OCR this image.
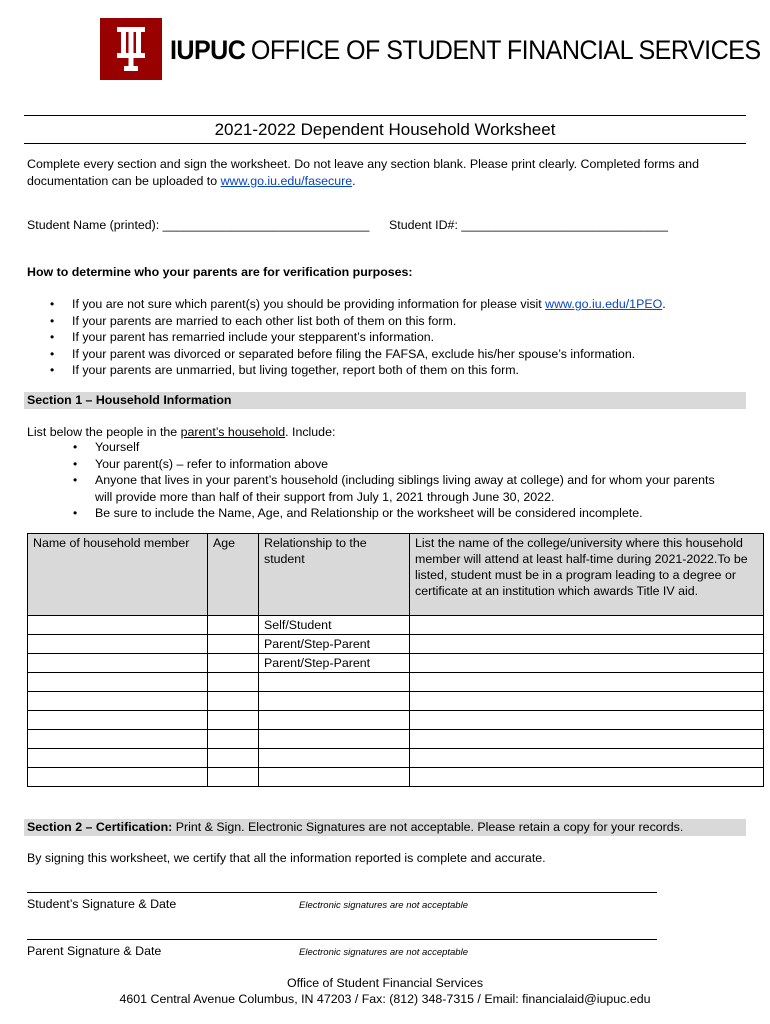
IUPUC OFFICE OF STUDENT FINANCIAL SERVICES
2021-2022 Dependent Household Worksheet
Complete every section and sign the worksheet. Do not leave any section blank. Please print clearly. Completed forms and documentation can be uploaded to www.go.iu.edu/fasecure.
Student Name (printed): ______________________________ Student ID#: ______________________________
How to determine who your parents are for verification purposes:
• If you are not sure which parent(s) you should be providing information for please visit www.go.iu.edu/1PEO.
• If your parents are married to each other list both of them on this form.
• If your parent has remarried include your stepparent’s information.
• If your parent was divorced or separated before filing the FAFSA, exclude his/her spouse’s information.
• If your parents are unmarried, but living together, report both of them on this form.
Section 1 – Household Information
List below the people in the parent’s household. Include:
• Yourself
• Your parent(s) – refer to information above
• Anyone that lives in your parent’s household (including siblings living away at college) and for whom your parents will provide more than half of their support from July 1, 2021 through June 30, 2022.
• Be sure to include the Name, Age, and Relationship or the worksheet will be considered incomplete.
Name of household member	Age	Relationship to the student	List the name of the college/university where this household member will attend at least half-time during 2021-2022.To be listed, student must be in a program leading to a degree or certificate at an institution which awards Title IV aid.
		Self/Student	
		Parent/Step-Parent	
		Parent/Step-Parent	

Section 2 – Certification: Print & Sign. Electronic Signatures are not acceptable. Please retain a copy for your records.
By signing this worksheet, we certify that all the information reported is complete and accurate.
Student’s Signature & Date	Electronic signatures are not acceptable
Parent Signature & Date	Electronic signatures are not acceptable
Office of Student Financial Services
4601 Central Avenue Columbus, IN 47203 / Fax: (812) 348-7315 / Email: financialaid@iupuc.edu
